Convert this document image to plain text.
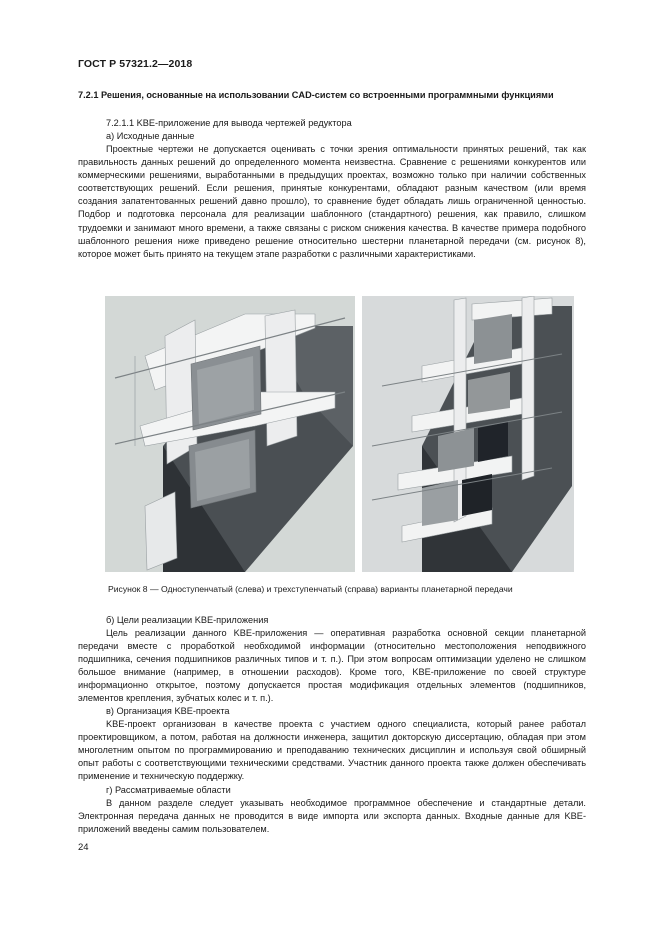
ГОСТ Р 57321.2—2018
7.2.1 Решения, основанные на использовании CAD-систем со встроенными программными функциями
7.2.1.1 KBE-приложение для вывода чертежей редуктора
а) Исходные данные
Проектные чертежи не допускается оценивать с точки зрения оптимальности принятых решений, так как правильность данных решений до определенного момента неизвестна. Сравнение с решениями конкурентов или коммерческими решениями, выработанными в предыдущих проектах, возможно только при наличии собственных соответствующих решений. Если решения, принятые конкурентами, обладают разным качеством (или время создания запатентованных решений давно прошло), то сравнение будет обладать лишь ограниченной ценностью. Подбор и подготовка персонала для реализации шаблонного (стандартного) решения, как правило, слишком трудоемки и занимают много времени, а также связаны с риском снижения качества. В качестве примера подобного шаблонного решения ниже приведено решение относительно шестерни планетарной передачи (см. рисунок 8), которое может быть принято на текущем этапе разработки с различными характеристиками.
Рисунок 8 — Одноступенчатый (слева) и трехступенчатый (справа) варианты планетарной передачи
б) Цели реализации KBE-приложения
Цель реализации данного KBE-приложения — оперативная разработка основной секции планетарной передачи вместе с проработкой необходимой информации (относительно местоположения неподвижного подшипника, сечения подшипников различных типов и т. п.). При этом вопросам оптимизации уделено не слишком большое внимание (например, в отношении расходов). Кроме того, KBE-приложение по своей структуре информационно открытое, поэтому допускается простая модификация отдельных элементов (подшипников, элементов крепления, зубчатых колес и т. п.).
в) Организация KBE-проекта
KBE-проект организован в качестве проекта с участием одного специалиста, который ранее работал проектировщиком, а потом, работая на должности инженера, защитил докторскую диссертацию, обладая при этом многолетним опытом по программированию и преподаванию технических дисциплин и используя свой обширный опыт работы с соответствующими техническими средствами. Участник данного проекта также должен обеспечивать применение и техническую поддержку.
г) Рассматриваемые области
В данном разделе следует указывать необходимое программное обеспечение и стандартные детали. Электронная передача данных не проводится в виде импорта или экспорта данных. Входные данные для KBE-приложений введены самим пользователем.
24
